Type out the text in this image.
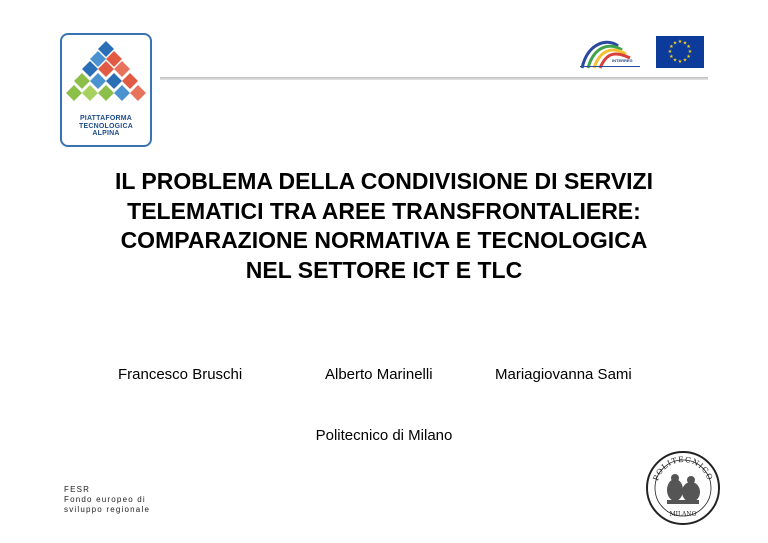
PIATTAFORMA
TECNOLOGICA
ALPINA
INTERREG
★ ★
★
★
★
★
★
★
★
★
★
★
IL PROBLEMA DELLA CONDIVISIONE DI SERVIZI
TELEMATICI TRA AREE TRANSFRONTALIERE:
COMPARAZIONE NORMATIVA E TECNOLOGICA
NEL SETTORE ICT E TLC
Francesco Bruschi	Alberto Marinelli	Mariagiovanna Sami
Politecnico di Milano
FESR
Fondo europeo di
sviluppo regionale
POLITECNICO
MILANO
